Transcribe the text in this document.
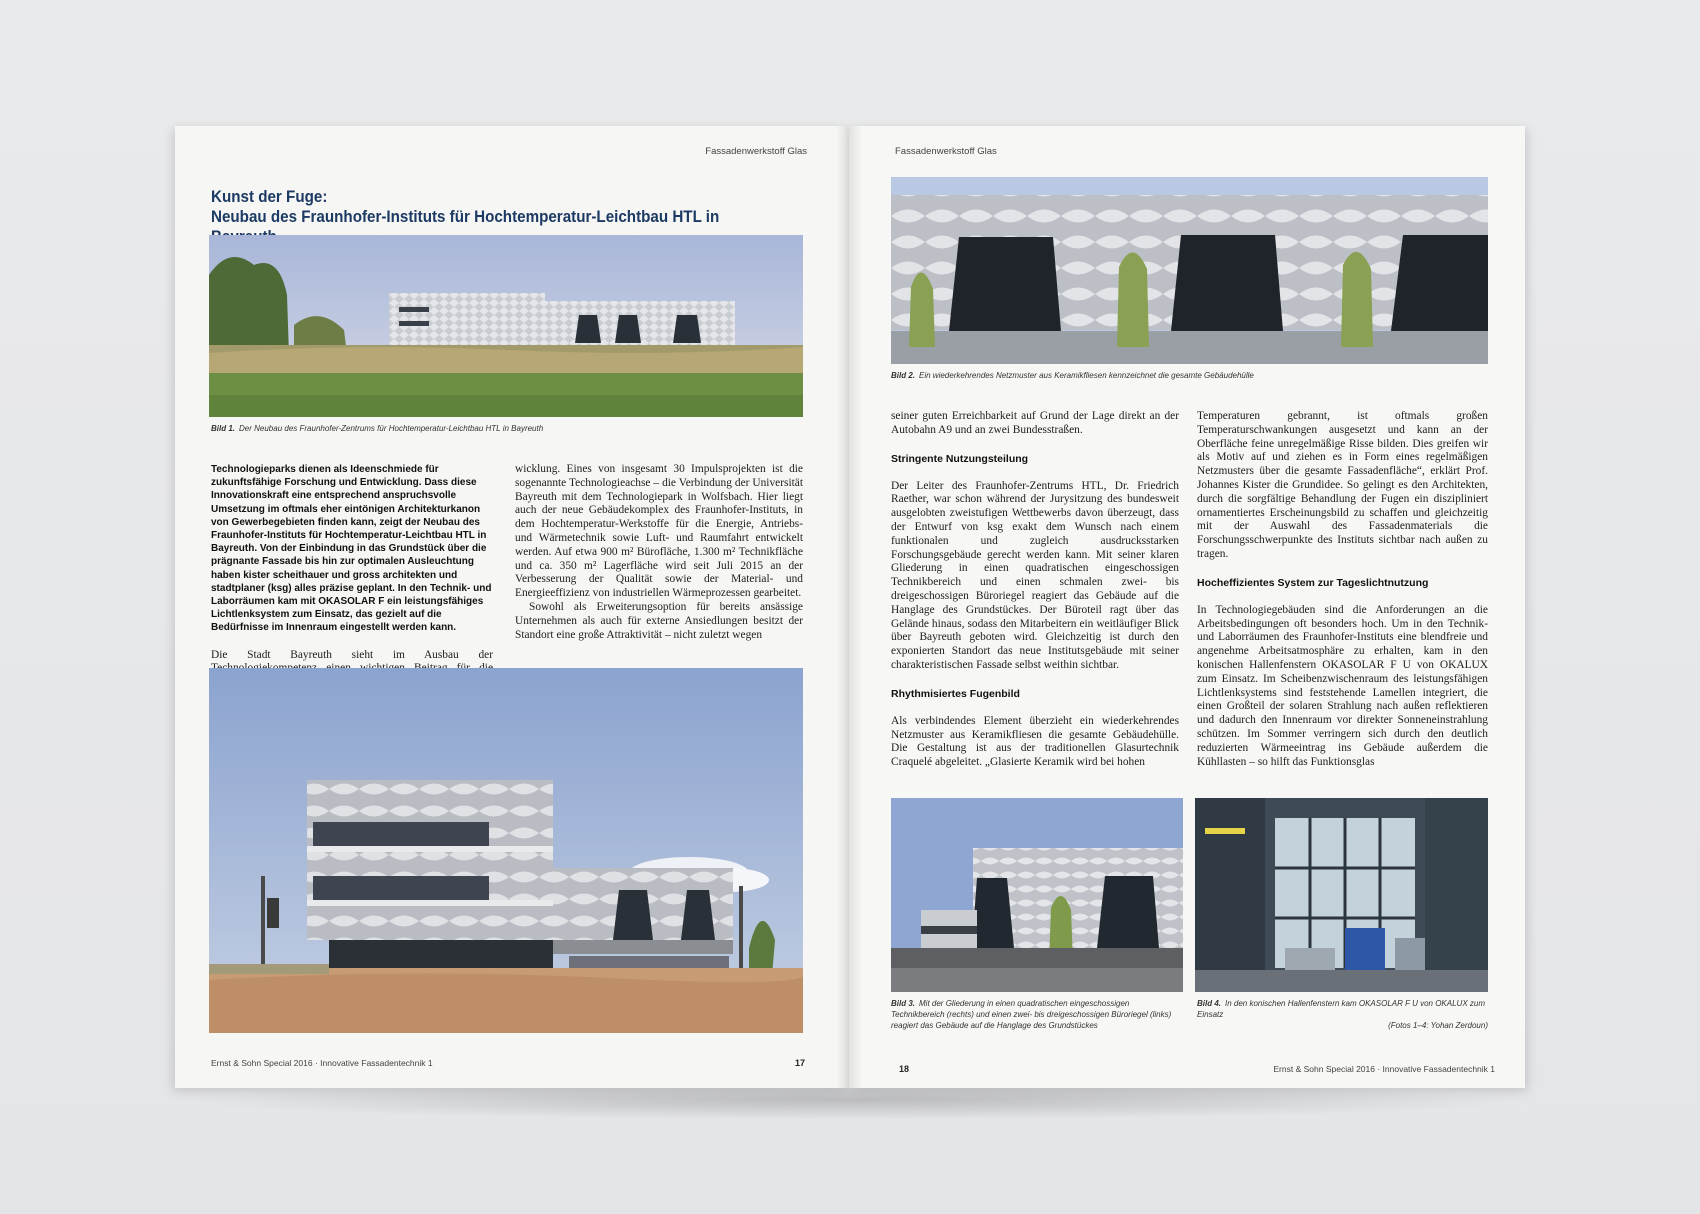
Fassadenwerkstoff Glas
Kunst der Fuge:
Neubau des Fraunhofer-Instituts für Hochtemperatur-Leichtbau HTL in
Bild 1. Der Neubau des Fraunhofer-Zentrums für Hochtemperatur-Leichtbau HTL in Bayreuth

Technologieparks dienen als Ideenschmiede für zukunftsfähige Forschung und Entwicklung. Dass diese Innovationskraft eine entsprechend anspruchsvolle Umsetzung im oftmals eher eintönigen Architekturkanon von Gewerbegebieten finden kann, zeigt der Neubau des Fraunhofer-Instituts für Hochtemperatur-Leichtbau HTL in Bayreuth. Von der Einbindung in das Grundstück über die prägnante Fassade bis hin zur optimalen Ausleuchtung haben kister scheithauer und gross architekten und stadtplaner (ksg) alles präzise geplant. In den Technik- und Laborräumen kam mit OKASOLAR F ein leistungsfähiges Lichtlenksystem zum Einsatz, das gezielt auf die Bedürfnisse im Innenraum eingestellt werden kann.

Die Stadt Bayreuth sieht im Ausbau der

wicklung. Eines von insgesamt 30 Impulsprojekten ist die sogenannte Technologieachse – die Verbindung der Universität Bayreuth mit dem Technologiepark in Wolfsbach. Hier liegt auch der neue Gebäudekomplex des Fraunhofer-Instituts, in dem Hochtemperatur-Werkstoffe für die Energie, Antriebs- und Wärmetechnik sowie Luft- und Raumfahrt entwickelt werden. Auf etwa 900 m² Bürofläche, 1.300 m² Technikfläche und ca. 350 m² Lagerfläche wird seit Juli 2015 an der Verbesserung der Qualität sowie der Material- und Energieeffizienz von industriellen Wärmeprozessen gearbeitet.

Sowohl als Erweiterungsoption für bereits ansässige Unternehmen als auch für externe Ansiedlungen besitzt der Standort eine große Attraktivität – nicht zuletzt wegen

Ernst & Sohn Special 2016 · Innovative Fassadentechnik 1	17
Fassadenwerkstoff Glas
Bild 2. Ein wiederkehrendes Netzmuster aus Keramikfliesen kennzeichnet die gesamte Gebäudehülle

seiner guten Erreichbarkeit auf Grund der Lage direkt an der Autobahn A9 und an zwei Bundesstraßen.

Stringente Nutzungsteilung

Der Leiter des Fraunhofer-Zentrums HTL, Dr. Friedrich Raether, war schon während der Jurysitzung des bundesweit ausgelobten zweistufigen Wettbewerbs davon überzeugt, dass der Entwurf von ksg exakt dem Wunsch nach einem funktionalen und zugleich ausdrucksstarken Forschungsgebäude gerecht werden kann. Mit seiner klaren Gliederung in einen quadratischen eingeschossigen Technikbereich und einen schmalen zwei- bis dreigeschossigen Büroriegel reagiert das Gebäude auf die Hanglage des Grundstückes. Der Büroteil ragt über das Gelände hinaus, sodass den Mitarbeitern ein weitläufiger Blick über Bayreuth geboten wird. Gleichzeitig ist durch den exponierten Standort das neue Institutsgebäude mit seiner charakteristischen Fassade selbst weithin sichtbar.

Rhythmisiertes Fugenbild

Als verbindendes Element überzieht ein wiederkehrendes Netzmuster aus Keramikfliesen die gesamte Gebäudehülle. Die Gestaltung ist aus der traditionellen Glasurtechnik Craquelé abgeleitet. „Glasierte Keramik wird bei hohen

Temperaturen gebrannt, ist oftmals großen Temperaturschwankungen ausgesetzt und kann an der Oberfläche feine unregelmäßige Risse bilden. Dies greifen wir als Motiv auf und ziehen es in Form eines regelmäßigen Netzmusters über die gesamte Fassadenfläche“, erklärt Prof. Johannes Kister die Grundidee. So gelingt es den Architekten, durch die sorgfältige Behandlung der Fugen ein diszipliniert ornamentiertes Erscheinungsbild zu schaffen und gleichzeitig mit der Auswahl des Fassadenmaterials die Forschungsschwerpunkte des Instituts sichtbar nach außen zu tragen.

Hocheffizientes System zur Tageslichtnutzung

In Technologiegebäuden sind die Anforderungen an die Arbeitsbedingungen oft besonders hoch. Um in den Technik- und Laborräumen des Fraunhofer-Instituts eine blendfreie und angenehme Arbeitsatmosphäre zu erhalten, kam in den konischen Hallenfenstern OKASOLAR F U von OKALUX zum Einsatz. Im Scheibenzwischenraum des leistungsfähigen Lichtlenksystems sind feststehende Lamellen integriert, die einen Großteil der solaren Strahlung nach außen reflektieren und dadurch den Innenraum vor direkter Sonneneinstrahlung schützen. Im Sommer verringern sich durch den deutlich reduzierten Wärmeeintrag ins Gebäude außerdem die Kühllasten – so hilft das Funktionsglas

Bild 3. Mit der Gliederung in einen quadratischen eingeschossigen Technikbereich (rechts) und einen zwei- bis dreigeschossigen Büroriegel (links) reagiert das Gebäude auf die Hanglage des Grundstückes
Bild 4. In den konischen Hallenfenstern kam OKASOLAR F U von OKALUX zum Einsatz
(Fotos 1–4: Yohan Zerdoun)
18	Ernst & Sohn Special 2016 · Innovative Fassadentechnik 1
